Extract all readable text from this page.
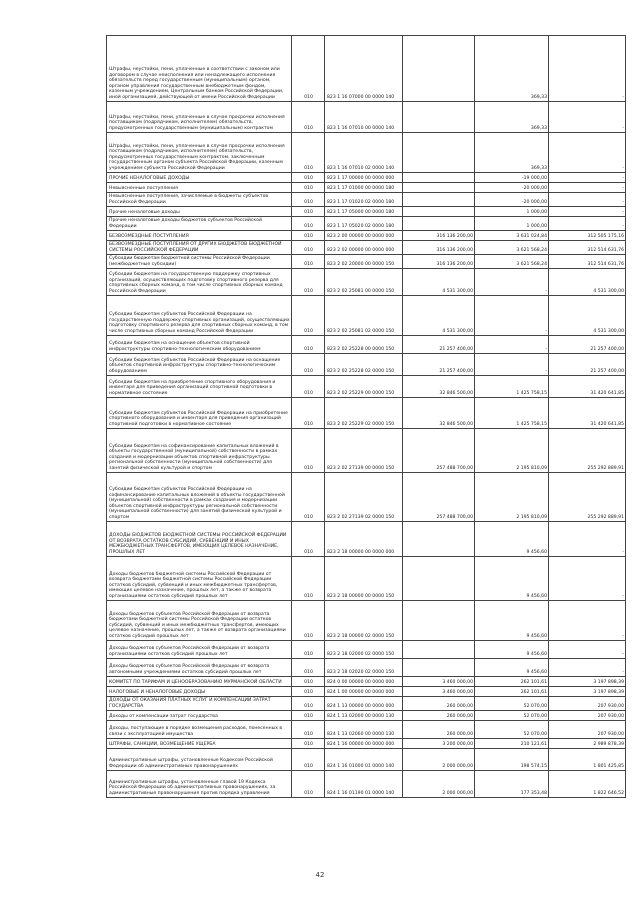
Штрафы, неустойки, пени, уплаченные в соответствии с законом или договором в случае неисполнения или ненадлежащего исполнения обязательств перед государственным (муниципальным) органом, органом управления государственным внебюджетным фондом, казенным учреждением, Центральным банком Российской Федерации, иной организацией, действующей от имени Российской Федерации	010	823 1 16 07000 00 0000 140		369,33	-
Штрафы, неустойки, пени, уплаченные в случае просрочки исполнения поставщиком (подрядчиком, исполнителем) обязательств, предусмотренных государственным (муниципальным) контрактом	010	823 1 16 07010 00 0000 140		369,33	-
Штрафы, неустойки, пени, уплаченные в случае просрочки исполнения поставщиком (подрядчиком, исполнителем) обязательств, предусмотренных государственным контрактом, заключенным государственным органом субъекта Российской Федерации, казенным учреждением субъекта Российской Федерации	010	823 1 16 07010 02 0000 140		369,33	-
ПРОЧИЕ НЕНАЛОГОВЫЕ ДОХОДЫ	010	823 1 17 00000 00 0000 000		-19 000,00	-
Невыясненные поступления	010	823 1 17 01000 00 0000 180		-20 000,00	-
Невыясненные поступления, зачисляемые в бюджеты субъектов Российской Федерации	010	823 1 17 01020 02 0000 180		-20 000,00	-
Прочие неналоговые доходы	010	823 1 17 05000 00 0000 180		1 000,00	-
Прочие неналоговые доходы бюджетов субъектов Российской Федерации	010	823 1 17 05020 02 0000 180		1 000,00	-
БЕЗВОЗМЕЗДНЫЕ ПОСТУПЛЕНИЯ	010	823 2 00 00000 00 0000 000	316 136 200,00	3 631 024,84	312 505 175,16
БЕЗВОЗМЕЗДНЫЕ ПОСТУПЛЕНИЯ ОТ ДРУГИХ БЮДЖЕТОВ БЮДЖЕТНОЙ СИСТЕМЫ РОССИЙСКОЙ ФЕДЕРАЦИИ	010	823 2 02 00000 00 0000 000	316 136 200,00	3 621 568,24	312 514 631,76
Субсидии бюджетам бюджетной системы Российской Федерации (межбюджетные субсидии)	010	823 2 02 20000 00 0000 150	316 136 200,00	3 621 568,24	312 514 631,76
Субсидии бюджетам на государственную поддержку спортивных организаций, осуществляющих подготовку спортивного резерва для спортивных сборных команд, в том числе спортивных сборных команд Российской Федерации	010	823 2 02 25081 00 0000 150	4 531 300,00	-	4 531 300,00
Субсидии бюджетам субъектов Российской Федерации на государственную поддержку спортивных организаций, осуществляющих подготовку спортивного резерва для спортивных сборных команд, в том числе спортивных сборных команд Российской Федерации	010	823 2 02 25081 02 0000 150	4 531 300,00	-	4 531 300,00
Субсидии бюджетам на оснащение объектов спортивной инфраструктуры спортивно-технологическим оборудованием	010	823 2 02 25228 00 0000 150	21 257 400,00	-	21 257 400,00
Субсидии бюджетам субъектов Российской Федерации на оснащение объектов спортивной инфраструктуры спортивно-технологическим оборудованием	010	823 2 02 25228 02 0000 150	21 257 400,00	-	21 257 400,00
Субсидии бюджетам на приобретение спортивного оборудования и инвентаря для приведения организаций спортивной подготовки в нормативное состояние	010	823 2 02 25229 00 0000 150	32 846 500,00	1 425 758,15	31 420 641,85
Субсидии бюджетам субъектов Российской Федерации на приобретение спортивного оборудования и инвентаря для приведения организаций спортивной подготовки в нормативное состояние	010	823 2 02 25229 02 0000 150	32 846 500,00	1 425 758,15	31 420 641,85
Субсидии бюджетам на софинансирование капитальных вложений в объекты государственной (муниципальной) собственности в рамках создания и модернизации объектов спортивной инфраструктуры региональной собственности (муниципальной собственности) для занятий физической культурой и спортом	010	823 2 02 27139 00 0000 150	257 488 700,00	2 195 810,09	255 292 889,91
Субсидии бюджетам субъектов Российской Федерации на софинансирование капитальных вложений в объекты государственной (муниципальной) собственности в рамках создания и модернизации объектов спортивной инфраструктуры региональной собственности (муниципальной собственности) для занятий физической культурой и спортом	010	823 2 02 27139 02 0000 150	257 488 700,00	2 195 810,09	255 292 889,91
ДОХОДЫ БЮДЖЕТОВ БЮДЖЕТНОЙ СИСТЕМЫ РОССИЙСКОЙ ФЕДЕРАЦИИ ОТ ВОЗВРАТА ОСТАТКОВ СУБСИДИЙ, СУБВЕНЦИЙ И ИНЫХ МЕЖБЮДЖЕТНЫХ ТРАНСФЕРТОВ, ИМЕЮЩИХ ЦЕЛЕВОЕ НАЗНАЧЕНИЕ, ПРОШЛЫХ ЛЕТ	010	823 2 18 00000 00 0000 000		9 456,60	-
Доходы бюджетов бюджетной системы Российской Федерации от возврата бюджетами бюджетной системы Российской Федерации остатков субсидий, субвенций и иных межбюджетных трансфертов, имеющих целевое назначение, прошлых лет, а также от возврата организациями остатков субсидий прошлых лет	010	823 2 18 00000 00 0000 150		9 456,60	-
Доходы бюджетов субъектов Российской Федерации от возврата бюджетами бюджетной системы Российской Федерации остатков субсидий, субвенций и иных межбюджетных трансфертов, имеющих целевое назначение, прошлых лет, а также от возврата организациями остатков субсидий прошлых лет	010	823 2 18 00000 02 0000 150		9 456,60	-
Доходы бюджетов субъектов Российской Федерации от возврата организациями остатков субсидий прошлых лет	010	823 2 18 02000 02 0000 150		9 456,60	-
Доходы бюджетов субъектов Российской Федерации от возврата автономными учреждениями остатков субсидий прошлых лет	010	823 2 18 02020 02 0000 150		9 456,60	-
КОМИТЕТ ПО ТАРИФАМ И ЦЕНООБРАЗОВАНИЮ МУРМАНСКОЙ ОБЛАСТИ	010	824 0 00 00000 00 0000 000	3 460 000,00	262 101,61	3 197 898,39
НАЛОГОВЫЕ И НЕНАЛОГОВЫЕ ДОХОДЫ	010	824 1 00 00000 00 0000 000	3 460 000,00	262 101,61	3 197 898,39
ДОХОДЫ ОТ ОКАЗАНИЯ ПЛАТНЫХ УСЛУГ И КОМПЕНСАЦИИ ЗАТРАТ ГОСУДАРСТВА	010	824 1 13 00000 00 0000 000	260 000,00	52 070,00	207 930,00
Доходы от компенсации затрат государства	010	824 1 13 02000 00 0000 130	260 000,00	52 070,00	207 930,00
Доходы, поступающие в порядке возмещения расходов, понесенных в связи с эксплуатацией имущества	010	824 1 13 02060 00 0000 130	260 000,00	52 070,00	207 930,00
ШТРАФЫ, САНКЦИИ, ВОЗМЕЩЕНИЕ УЩЕРБА	010	824 1 16 00000 00 0000 000	3 200 000,00	210 121,61	2 989 878,39
Административные штрафы, установленные Кодексом Российской Федерации об административных правонарушениях	010	824 1 16 01000 01 0000 140	2 000 000,00	198 574,15	1 801 425,85
Административные штрафы, установленные главой 19 Кодекса Российской Федерации об административных правонарушениях, за административные правонарушения против порядка управления	010	824 1 16 01190 01 0000 140	2 000 000,00	177 353,48	1 822 646,52
42
